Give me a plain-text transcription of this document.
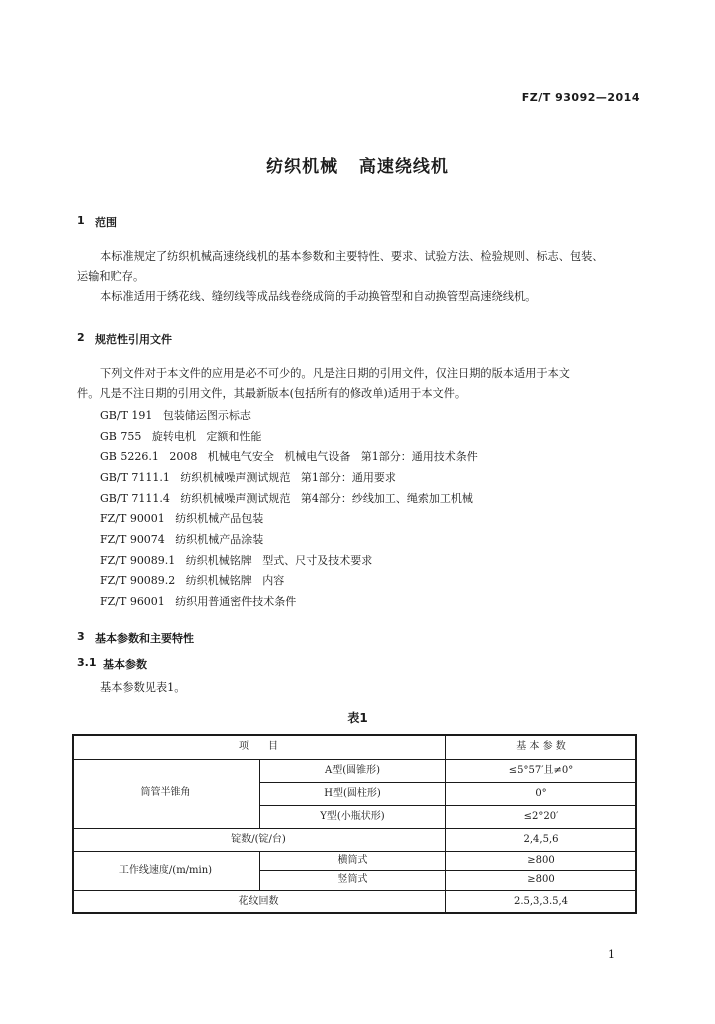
FZ/T 93092—2014
纺织机械   高速绕线机
1 范围
本标准规定了纺织机械高速绕线机的基本参数和主要特性、要求、试验方法、检验规则、标志、包装、
运输和贮存。
本标准适用于绣花线、缝纫线等成品线卷绕成筒的手动换管型和自动换管型高速绕线机。
2 规范性引用文件
下列文件对于本文件的应用是必不可少的。凡是注日期的引用文件，仅注日期的版本适用于本文
件。凡是不注日期的引用文件，其最新版本(包括所有的修改单)适用于本文件。
GB/T 191   包装储运图示标志
GB 755   旋转电机   定额和性能
GB 5226.1   2008   机械电气安全   机械电气设备   第1部分：通用技术条件
GB/T 7111.1   纺织机械噪声测试规范   第1部分：通用要求
GB/T 7111.4   纺织机械噪声测试规范   第4部分：纱线加工、绳索加工机械
FZ/T 90001   纺织机械产品包装
FZ/T 90074   纺织机械产品涂装
FZ/T 90089.1   纺织机械铭牌   型式、尺寸及技术要求
FZ/T 90089.2   纺织机械铭牌   内容
FZ/T 96001   纺织用普通密件技术条件
3 基本参数和主要特性
3.1 基本参数
基本参数见表1。
表1
项      目	基 本 参 数
筒管半锥角
A型(圆锥形)	≤5°57′且≠0°
H型(圆柱形)	0°
Y型(小瓶状形)	≤2°20′
锭数/(锭/台)	2,4,5,6
工作线速度/(m/min)
横筒式	≥800
竖筒式	≥800
花纹回数	2.5,3,3.5,4
1
